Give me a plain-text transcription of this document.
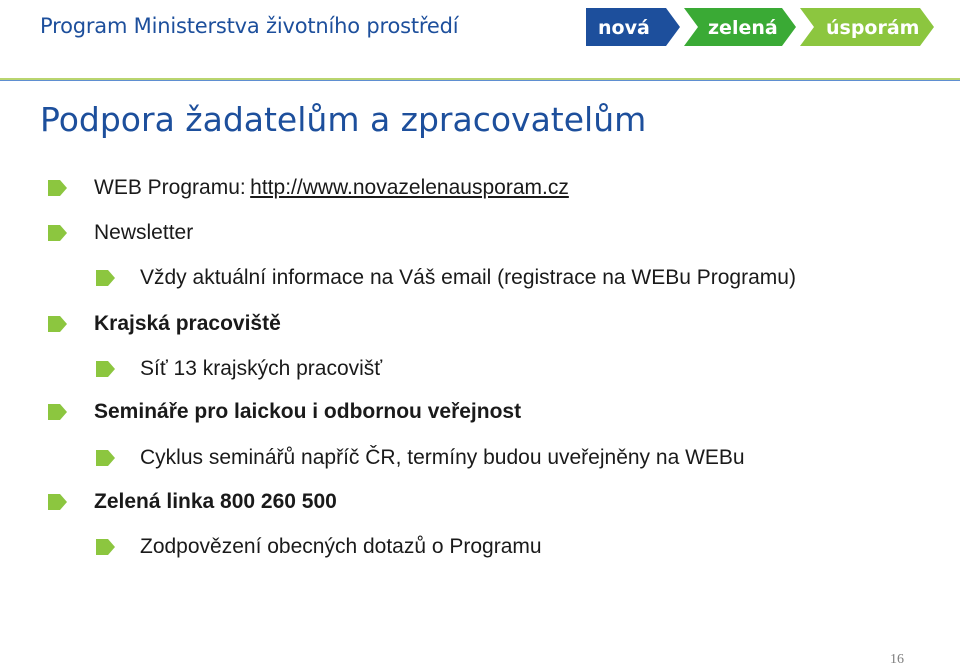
Program Ministerstva životního prostředí	nová	zelená	úsporám
Podpora žadatelům a zpracovatelům
WEB Programu: http://www.novazelenausporam.cz
Newsletter
Vždy aktuální informace na Váš email (registrace na WEBu Programu)
Krajská pracoviště
Síť 13 krajských pracovišť
Semináře pro laickou i odbornou veřejnost
Cyklus seminářů napříč ČR, termíny budou uveřejněny na WEBu
Zelená linka 800 260 500
Zodpovězení obecných dotazů o Programu
16
